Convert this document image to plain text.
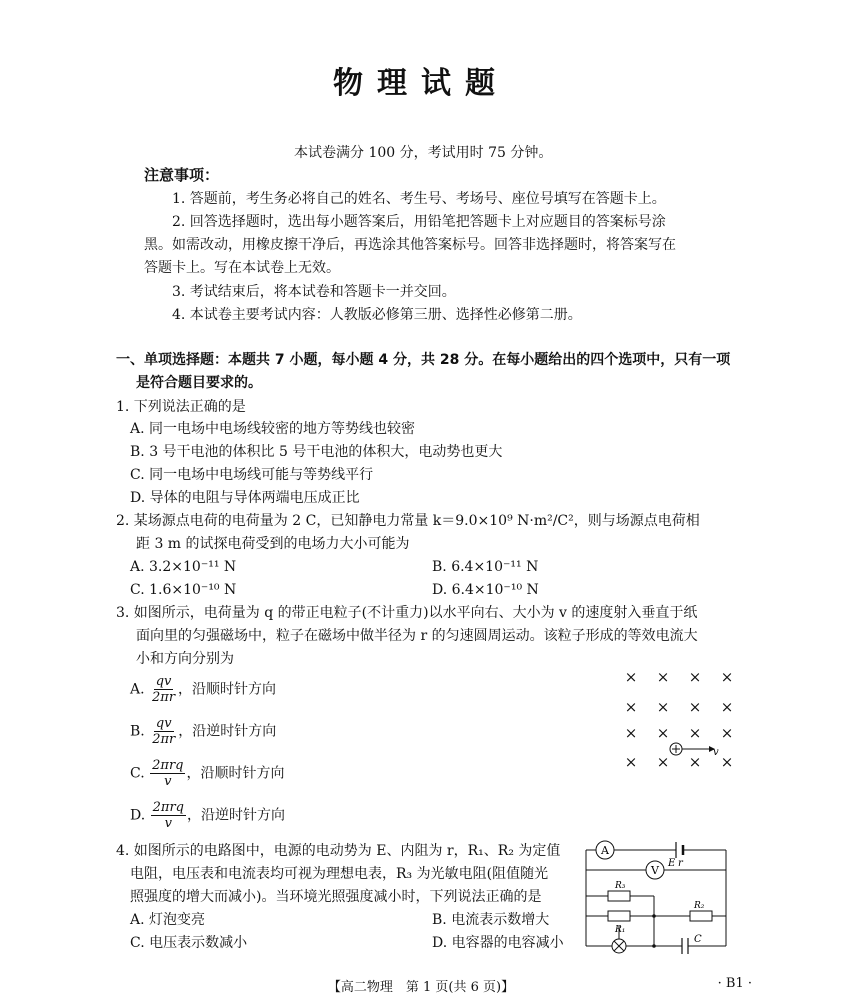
物理试题
本试卷满分 100 分，考试用时 75 分钟。
注意事项：
1. 答题前，考生务必将自己的姓名、考生号、考场号、座位号填写在答题卡上。
2. 回答选择题时，选出每小题答案后，用铅笔把答题卡上对应题目的答案标号涂
黑。如需改动，用橡皮擦干净后，再选涂其他答案标号。回答非选择题时，将答案写在
答题卡上。写在本试卷上无效。
3. 考试结束后，将本试卷和答题卡一并交回。
4. 本试卷主要考试内容：人教版必修第三册、选择性必修第二册。
一、单项选择题：本题共 7 小题，每小题 4 分，共 28 分。在每小题给出的四个选项中，只有一项
是符合题目要求的。
1. 下列说法正确的是
A. 同一电场中电场线较密的地方等势线也较密
B. 3 号干电池的体积比 5 号干电池的体积大，电动势也更大
C. 同一电场中电场线可能与等势线平行
D. 导体的电阻与导体两端电压成正比
2. 某场源点电荷的电荷量为 2 C，已知静电力常量 k＝9.0×10⁹ N·m²/C²，则与场源点电荷相
距 3 m 的试探电荷受到的电场力大小可能为
A. 3.2×10⁻¹¹ N	B. 6.4×10⁻¹¹ N
C. 1.6×10⁻¹⁰ N	D. 6.4×10⁻¹⁰ N
3. 如图所示，电荷量为 q 的带正电粒子(不计重力)以水平向右、大小为 v 的速度射入垂直于纸
面向里的匀强磁场中，粒子在磁场中做半径为 r 的匀速圆周运动。该粒子形成的等效电流大
小和方向分别为
A. $\frac{qv}{2\pi r}$ ，沿顺时针方向
B. $\frac{qv}{2\pi r}$ ，沿逆时针方向
C. $\frac{\text{2πrq}}{v}$ ，沿顺时针方向
D. $\frac{\text{2πrq}}{v}$ ，沿逆时针方向
× × × ×
× × × ×
× × × ×
× × × ×
v
4. 如图所示的电路图中，电源的电动势为 E、内阻为 r，R₁、R₂ 为定值
电阻，电压表和电流表均可视为理想电表，R₃ 为光敏电阻(阻值随光
照强度的增大而减小)。当环境光照强度减小时，下列说法正确的是
A. 灯泡变亮	B. 电流表示数增大
C. 电压表示数减小	D. 电容器的电容减小
A
V
E r
R₃
R₁
R₂
C
【高二物理　第 1 页(共 6 页)】	· B1 ·
